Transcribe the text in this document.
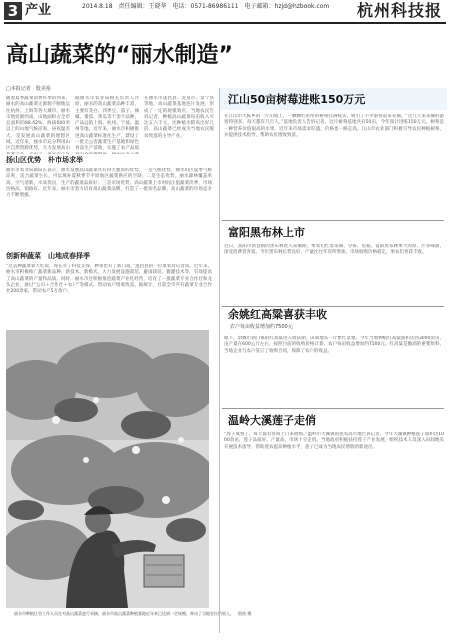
3 产业	2014.8.18　责任编辑：王晓华　电话：0571-86986111　电子邮箱：hzjd@hzbook.com 杭州科技报
高山蔬菜的“丽水制造”
□本报记者　殷美裕
随着夏季蔬菜消费旺季的到来，丽水的高山蔬菜正源源不断地运往杭州、上海等各大城市。丽水市地处浙西南，山地面积占全市总面积的88.42%，海拔600米以上的山地气候凉爽，昼夜温差大，是发展高山蔬菜的理想区域。近年来，丽水市充分利用山区自然资源优势，大力发展高山
据丽水市农业局相关负责人介绍，丽水的高山蔬菜品种丰富，主要有茭白、四季豆、茄子、辣椒、番茄、黄瓜等十余个品种，产品远销上海、杭州、宁波、温州等地。近年来，丽水市积极推进高山蔬菜标准化生产，建设了一批无公害蔬菜生产基地和绿色食品生产基地，实施了农产品质
在丽水市遂昌县、龙泉市、景宁县等地，高山蔬菜基地连片发展，形成了一定的规模效应。当地农民告诉记者，种植高山蔬菜每亩收入可达五六千元，比种植水稻高出好几倍。高山蔬菜已经成为当地农民脱贫致富的主导产业。
扬山区优势　朴市场求举
丽水市农业局副局长表示，丽水发展高山蔬菜具有得天独厚的优势。一是气候优势，丽水山区夏季气候凉爽，适合蔬菜生长，可以填补夏秋季节平原地区蔬菜供应的空缺；二是生态优势，丽水森林覆盖率高，空气清新，水质优良，生产的蔬菜品质好；三是市场优势，高山蔬菜上市时间正值蔬菜淡季，市场价格高，销路好。近年来，丽水市着力培育高山蔬菜品牌，打造了一批知名品牌，高山蔬菜的市场竞争力不断增强。
创新种蔬菜　山地成春择季
“过去种蔬菜靠天吃饭，现在有了科技支撑，种菜也有了新门道。”遂昌县的一位菜农对记者说。近年来，丽水市积极推广蔬菜新品种、新技术、新模式，大力发展设施栽培、避雨栽培、微灌技术等，有效提高了高山蔬菜的产量和品质。同时，丽水市还积极推进蔬菜产业化经营，培育了一批蔬菜专业合作社和龙头企业，通过“公司＋合作社＋农户”等模式，带动农户增收致富。据统计，目前全市共有蔬菜专业合作社200余家，带动农户5万余户。
丽水市种植区里工作人员在对高山蔬菜进行采摘，丽水市高山蔬菜种植基地近年来已达到一定规模，带动了当地农民的收入。　殷裕 摄
江山50亩树莓进账150万元
在江山市大陈乡的一片山坡上，一颗颗红彤彤的树莓挂满枝头，吸引了不少游客前来采摘。“这几天来采摘的游客特别多，每天都有几百人。”基地负责人告诉记者。这片树莓基地共有50亩，今年预计进账150万元。树莓是一种营养价值很高的水果，近年来市场需求旺盛，价格也一路走高。江山市农业部门积极引导农民种植树莓，并提供技术指导，帮助农民增收致富。
富阳黑布林上市
近日，富阳市新登镇的黑布林进入采摘期，果农们忙着采摘、分拣、装箱。富阳黑布林果大肉厚、汁多味甜，深受消费者喜爱。今年黑布林长势良好，产量比往年有所增加，市场收购价格稳定，果农们喜获丰收。
余姚红高粱喜获丰收
农户每亩收益增加约7500元
眼下，余姚市泗门镇的红高粱进入收获期，田间地头一片繁忙景象。今年当地种植红高粱面积达到3000余亩，亩产量在600公斤左右，按照目前的收购价格计算，农户每亩收益增加约7500元。红高粱是酿酒的重要原料，当地企业与农户签订了收购合同，保障了农户的收益。
温岭大溪莲子走俏
“莲子成熟了，每天都有客商上门来收购。”温岭市大溪镇的莲农高兴地告诉记者。今年大溪镇种植莲子面积达1000余亩，莲子品质好、产量高，市场十分走俏。当地政府积极扶持莲子产业发展，组织技术人员深入田间地头开展技术指导，帮助莲农提高种植水平，莲子已成为当地农民增收的新途径。
